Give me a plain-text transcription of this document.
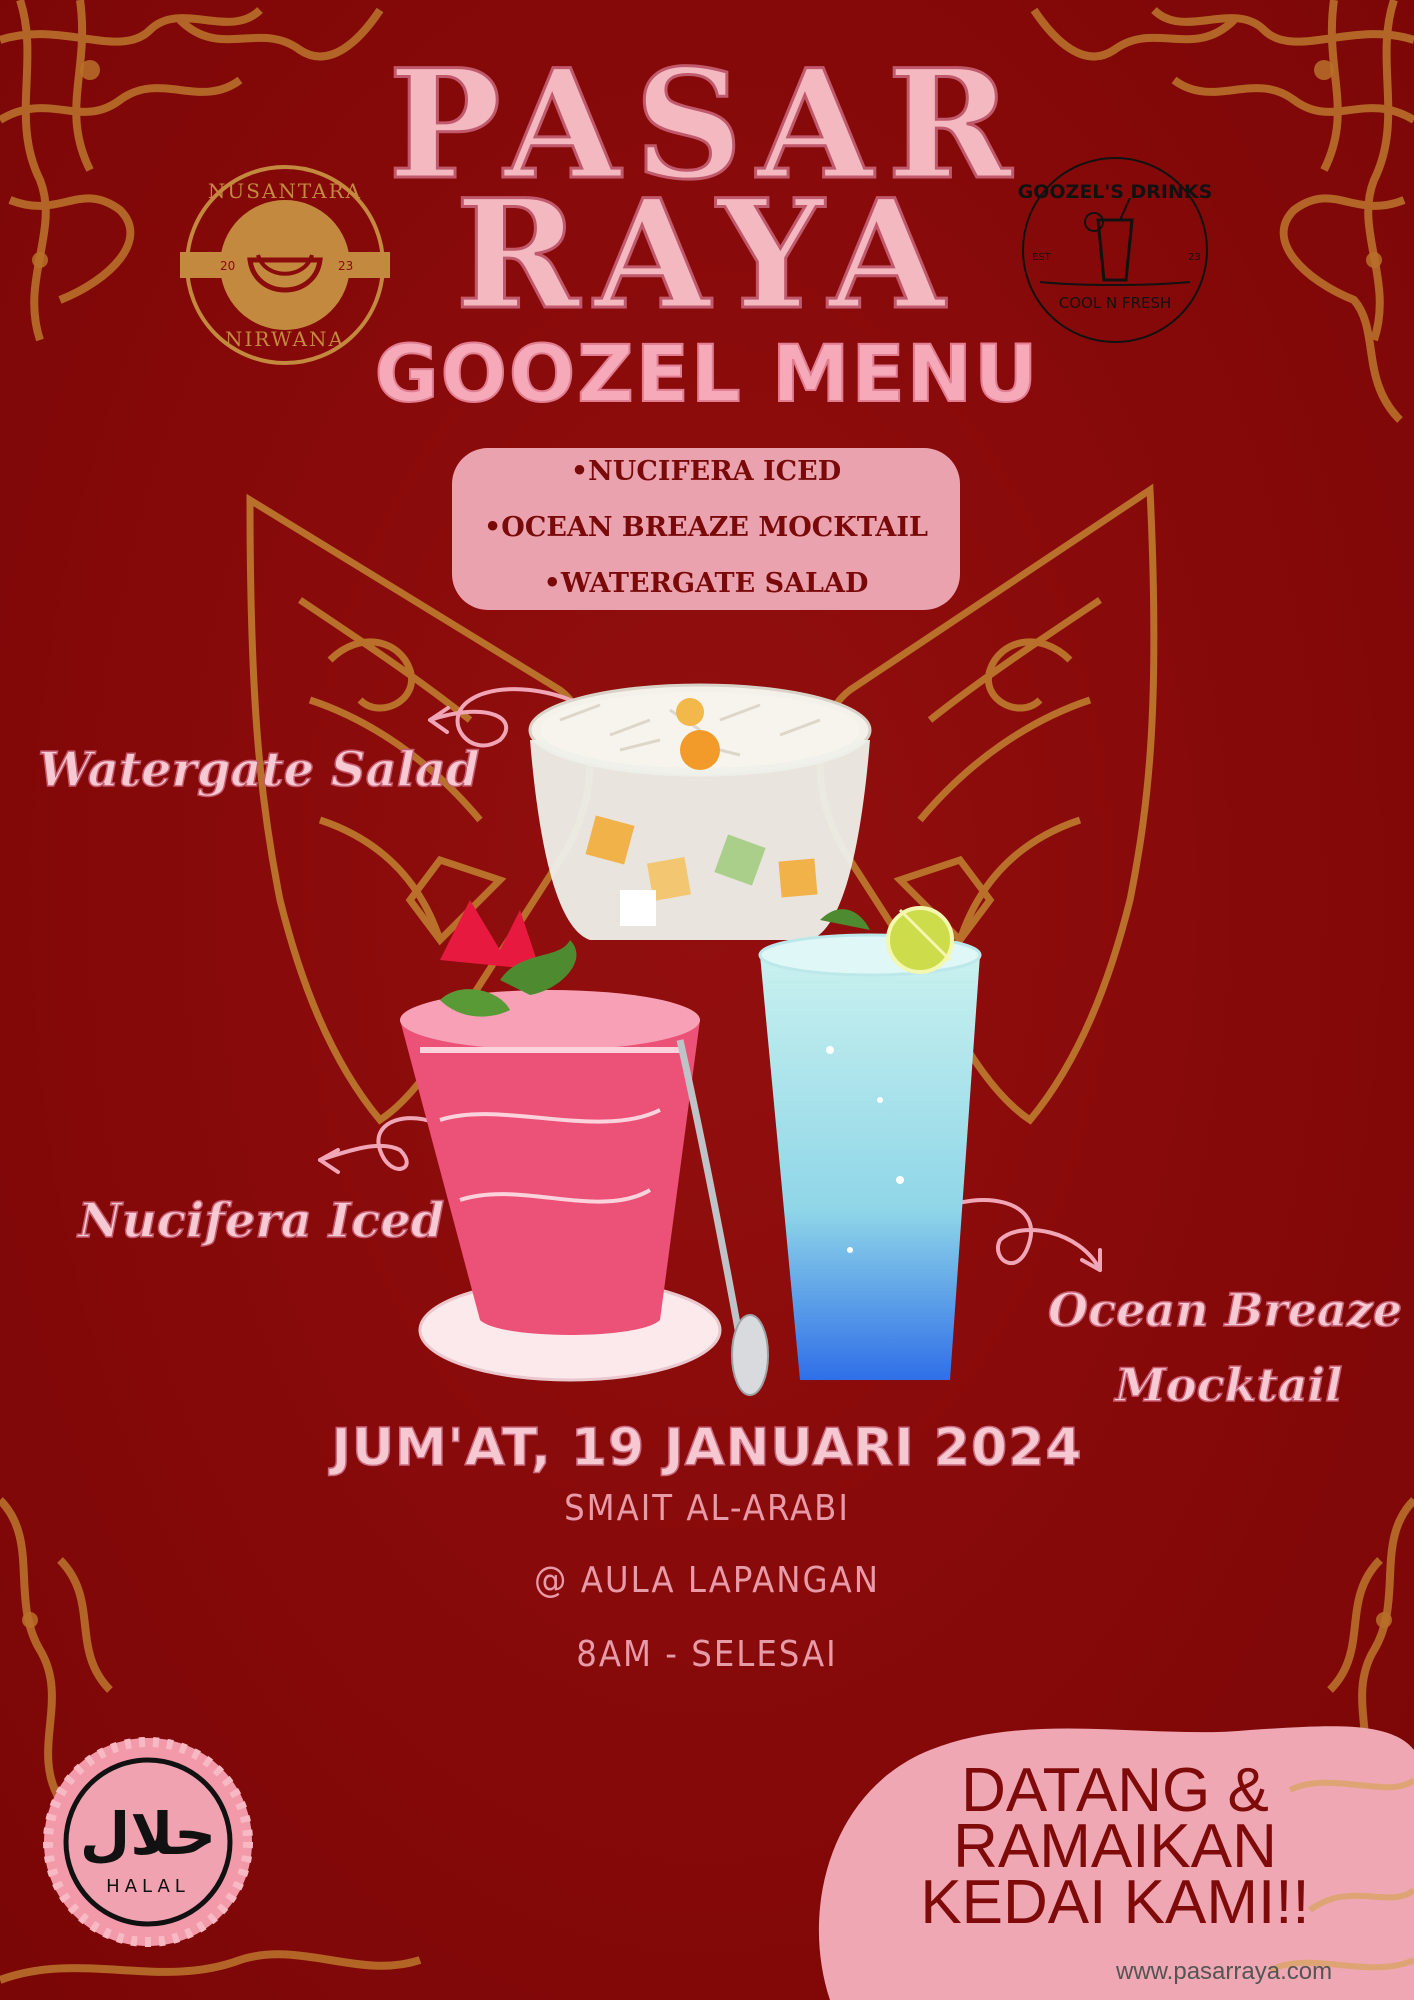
20	23
NUSANTARA
NIRWANA
GOOZEL'S DRINKS
EST	23
COOL N FRESH
PASAR
RAYA
GOOZEL MENU
•NUCIFERA ICED
•OCEAN BREAZE MOCKTAIL
•WATERGATE SALAD
Watergate Salad
Nucifera Iced
Ocean Breaze
Mocktail
JUM'AT, 19 JANUARI 2024
SMAIT AL-ARABI
@ AULA LAPANGAN
8AM - SELESAI
حلال
HALAL
DATANG &
RAMAIKAN
KEDAI KAMI!!
www.pasarraya.com
